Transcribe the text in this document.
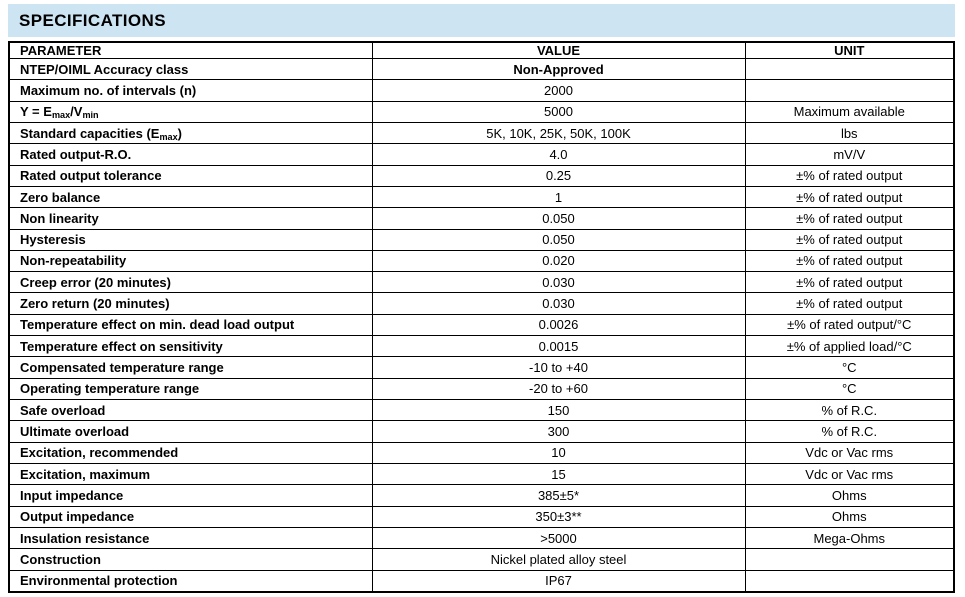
SPECIFICATIONS
PARAMETER	VALUE	UNIT
NTEP/OIML Accuracy class	Non-Approved	
Maximum no. of intervals (n)	2000	
$Y = E_{max}/V_{min}$	5000	Maximum available
Standard capacities $(E_{max})$	5K, 10K, 25K, 50K, 100K	lbs
Rated output-R.O.	4.0	mV/V
Rated output tolerance	0.25	±% of rated output
Zero balance	1	±% of rated output
Non linearity	0.050	±% of rated output
Hysteresis	0.050	±% of rated output
Non-repeatability	0.020	±% of rated output
Creep error (20 minutes)	0.030	±% of rated output
Zero return (20 minutes)	0.030	±% of rated output
Temperature effect on min. dead load output	0.0026	±% of rated output/°C
Temperature effect on sensitivity	0.0015	±% of applied load/°C
Compensated temperature range	-10 to +40	°C
Operating temperature range	-20 to +60	°C
Safe overload	150	% of R.C.
Ultimate overload	300	% of R.C.
Excitation, recommended	10	Vdc or Vac rms
Excitation, maximum	15	Vdc or Vac rms
Input impedance	385±5*	Ohms
Output impedance	350±3**	Ohms
Insulation resistance	>5000	Mega-Ohms
Construction	Nickel plated alloy steel	
Environmental protection	IP67	
